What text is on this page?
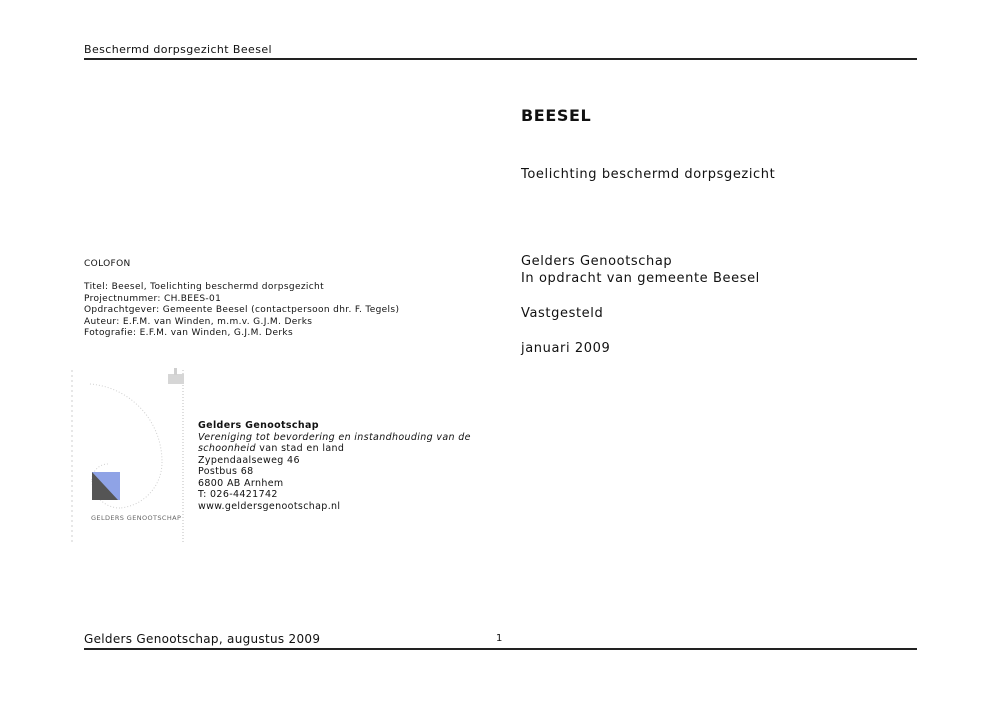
Beschermd dorpsgezicht Beesel
BEESEL
Toelichting beschermd dorpsgezicht
Gelders Genootschap
In opdracht van gemeente Beesel
Vastgesteld
januari 2009
COLOFON
Titel: Beesel, Toelichting beschermd dorpsgezicht
Projectnummer: CH.BEES-01
Opdrachtgever: Gemeente Beesel (contactpersoon dhr. F. Tegels)
Auteur: E.F.M. van Winden, m.m.v. G.J.M. Derks
Fotografie: E.F.M. van Winden, G.J.M. Derks
GELDERS GENOOTSCHAP
Gelders Genootschap
Vereniging tot bevordering en instandhouding van de
schoonheid van stad en land
Zypendaalseweg 46
Postbus 68
6800 AB Arnhem
T: 026-4421742
www.geldersgenootschap.nl
Gelders Genootschap, augustus 2009	1
